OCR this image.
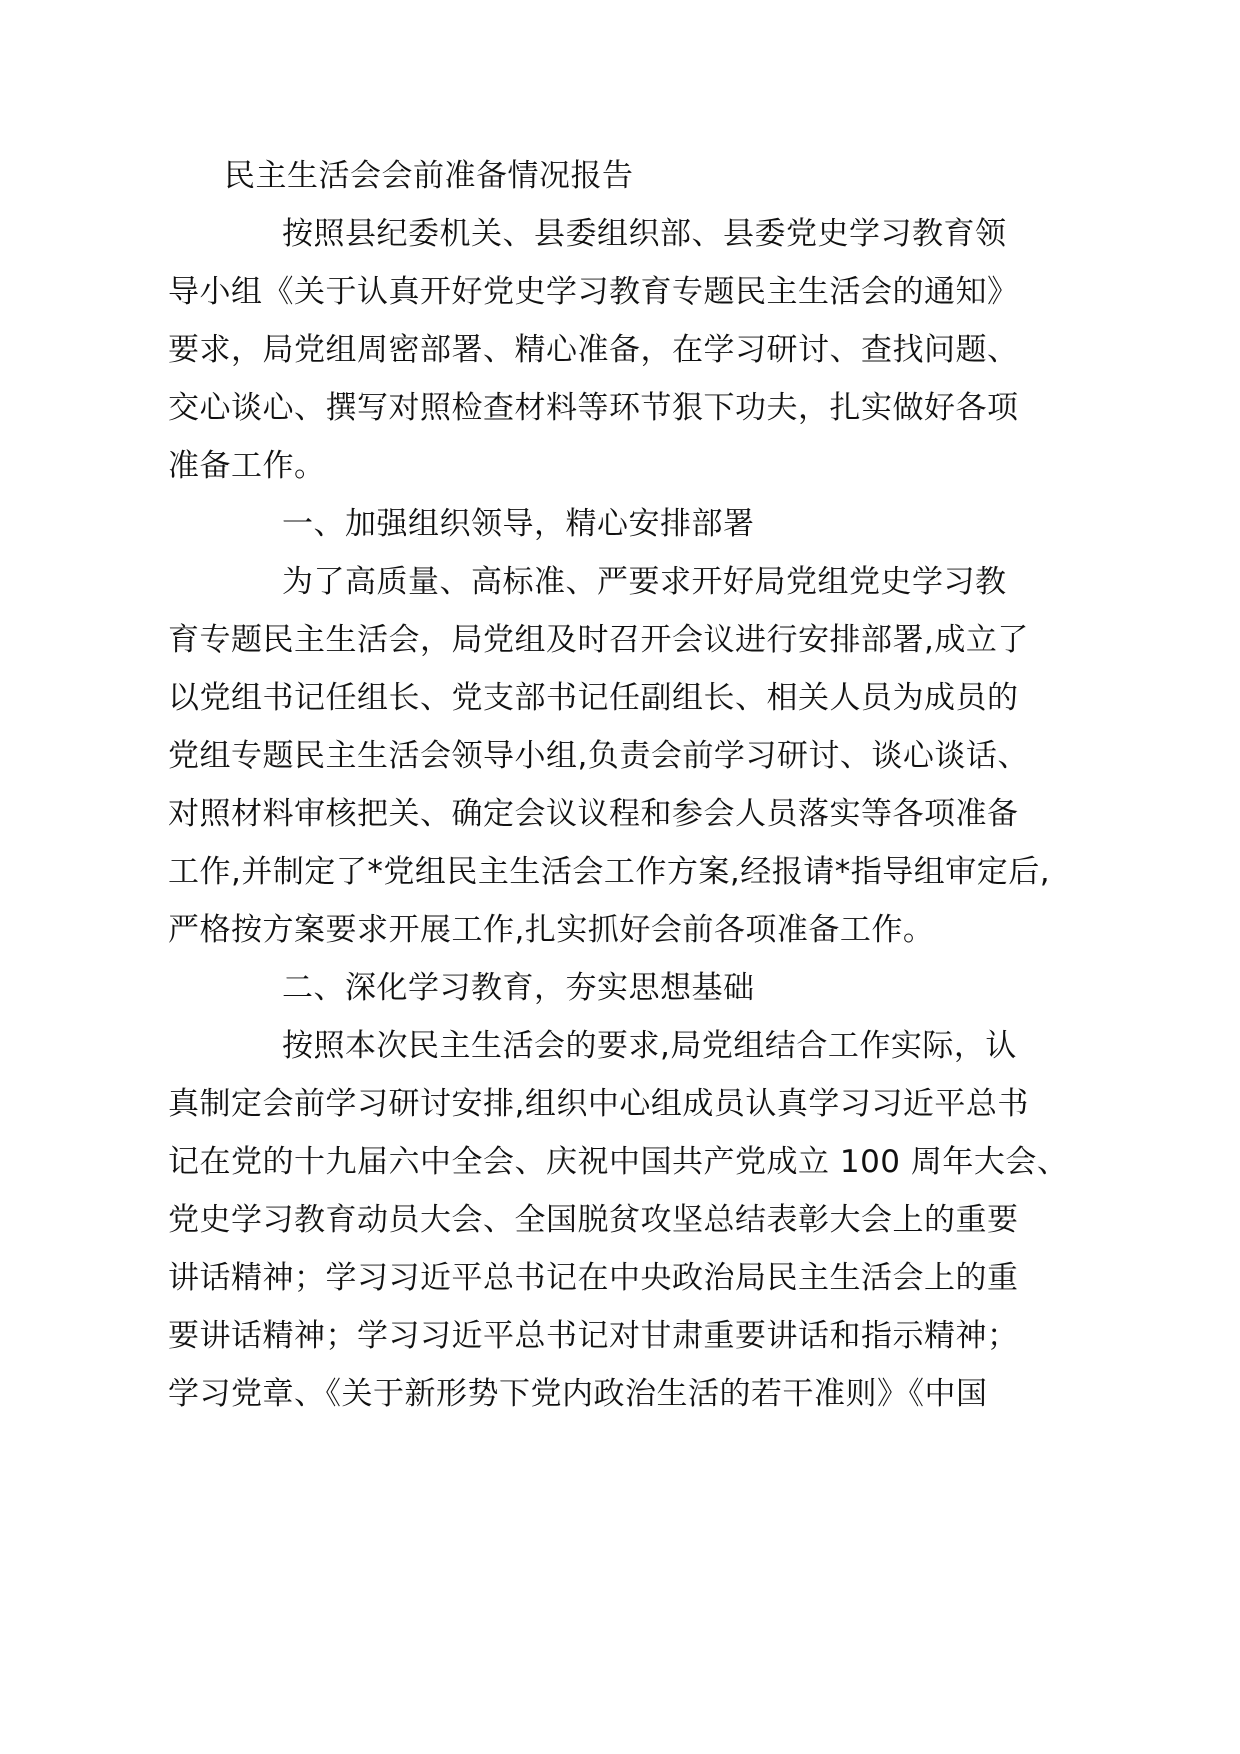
民主生活会会前准备情况报告
按照县纪委机关、县委组织部、县委党史学习教育领
导小组《关于认真开好党史学习教育专题民主生活会的通知》
要求，局党组周密部署、精心准备，在学习研讨、查找问题、
交心谈心、撰写对照检查材料等环节狠下功夫，扎实做好各项
准备工作。
一、加强组织领导，精心安排部署
为了高质量、高标准、严要求开好局党组党史学习教
育专题民主生活会，局党组及时召开会议进行安排部署,成立了
以党组书记任组长、党支部书记任副组长、相关人员为成员的
党组专题民主生活会领导小组,负责会前学习研讨、谈心谈话、
对照材料审核把关、确定会议议程和参会人员落实等各项准备
工作,并制定了*党组民主生活会工作方案,经报请*指导组审定后,
严格按方案要求开展工作,扎实抓好会前各项准备工作。
二、深化学习教育，夯实思想基础
按照本次民主生活会的要求,局党组结合工作实际，认
真制定会前学习研讨安排,组织中心组成员认真学习习近平总书
记在党的十九届六中全会、庆祝中国共产党成立 100 周年大会、
党史学习教育动员大会、全国脱贫攻坚总结表彰大会上的重要
讲话精神；学习习近平总书记在中央政治局民主生活会上的重
要讲话精神；学习习近平总书记对甘肃重要讲话和指示精神；
学习党章、《关于新形势下党内政治生活的若干准则》《中国
